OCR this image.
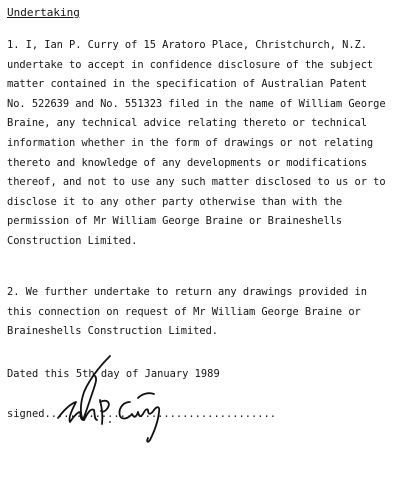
Undertaking
1. I, Ian P. Curry of 15 Aratoro Place, Christchurch, N.Z.
undertake to accept in confidence disclosure of the subject
matter contained in the specification of Australian Patent
No. 522639 and No. 551323 filed in the name of William George
Braine, any technical advice relating thereto or technical
information whether in the form of drawings or not relating
thereto and knowledge of any developments or modifications
thereof, and not to use any such matter disclosed to us or to
disclose it to any other party otherwise than with the
permission of Mr William George Braine or Braineshells
Construction Limited.
2. We further undertake to return any drawings provided in
this connection on request of Mr William George Braine or
Braineshells Construction Limited.
Dated this 5th day of January 1989
signed.....................................
